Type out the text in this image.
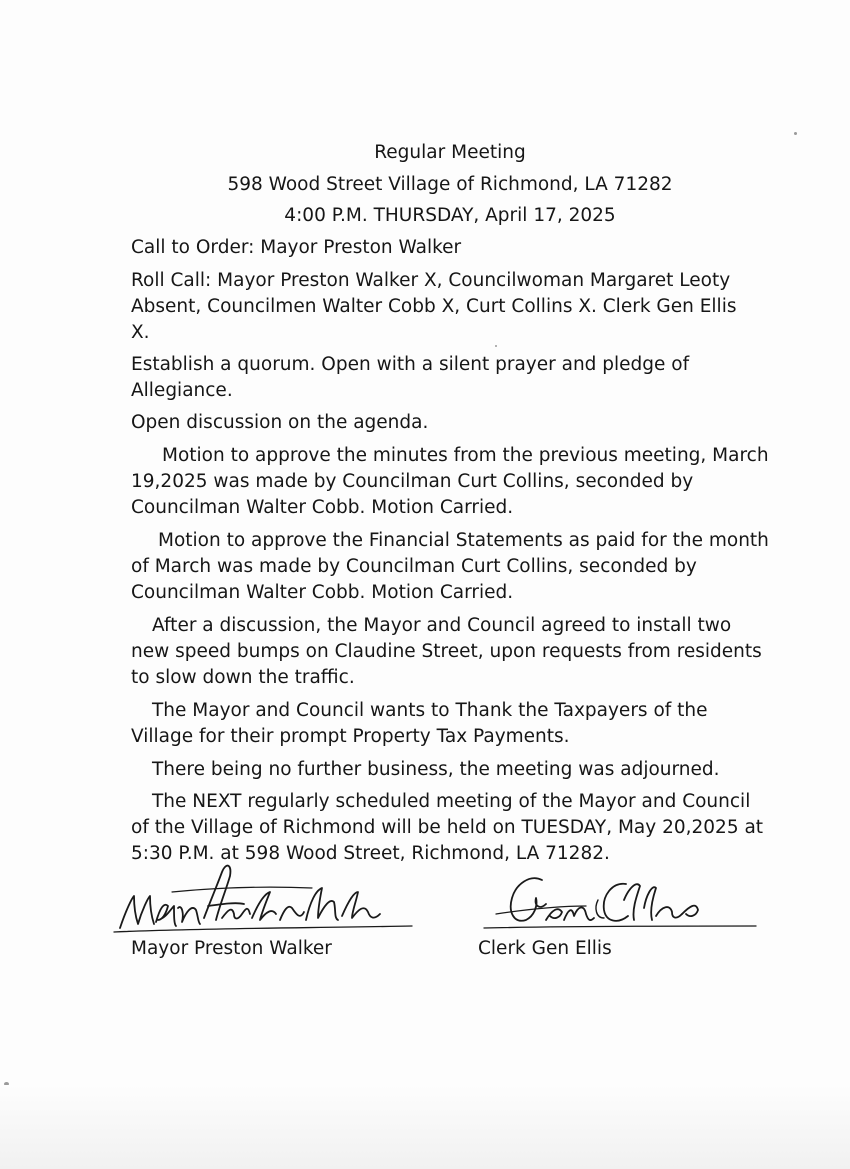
Regular Meeting
598 Wood Street Village of Richmond, LA 71282
4:00 P.M. THURSDAY, April 17, 2025
Call to Order: Mayor Preston Walker
Roll Call: Mayor Preston Walker X, Councilwoman Margaret Leoty
Absent, Councilmen Walter Cobb X, Curt Collins X. Clerk Gen Ellis
X.
Establish a quorum. Open with a silent prayer and pledge of
Allegiance.
Open discussion on the agenda.
Motion to approve the minutes from the previous meeting, March
19,2025 was made by Councilman Curt Collins, seconded by
Councilman Walter Cobb. Motion Carried.
Motion to approve the Financial Statements as paid for the month
of March was made by Councilman Curt Collins, seconded by
Councilman Walter Cobb. Motion Carried.
After a discussion, the Mayor and Council agreed to install two
new speed bumps on Claudine Street, upon requests from residents
to slow down the traffic.
The Mayor and Council wants to Thank the Taxpayers of the
Village for their prompt Property Tax Payments.
There being no further business, the meeting was adjourned.
The NEXT regularly scheduled meeting of the Mayor and Council
of the Village of Richmond will be held on TUESDAY, May 20,2025 at
5:30 P.M. at 598 Wood Street, Richmond, LA 71282.
Mayor Preston Walker	Clerk Gen Ellis
